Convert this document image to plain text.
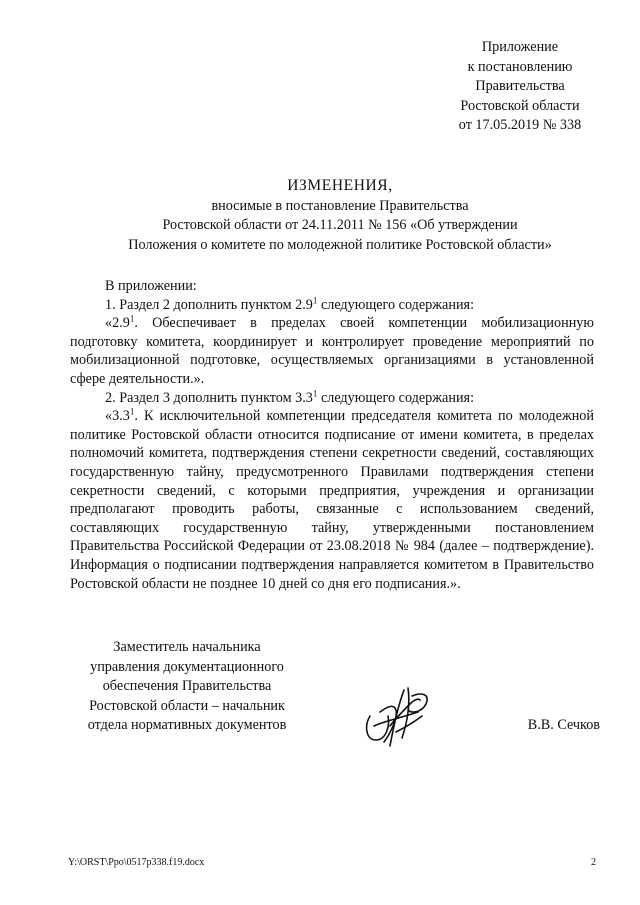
Приложение
к постановлению
Правительства
Ростовской области
от 17.05.2019 № 338
ИЗМЕНЕНИЯ,
вносимые в постановление Правительства
Ростовской области от 24.11.2011 № 156 «Об утверждении
Положения о комитете по молодежной политике Ростовской области»
В приложении:
1. Раздел 2 дополнить пунктом $2.9^1$ следующего содержания:
«$2.9^1$. Обеспечивает в пределах своей компетенции мобилизационную подготовку комитета, координирует и контролирует проведение мероприятий по мобилизационной подготовке, осуществляемых организациями в установленной сфере деятельности.».
2. Раздел 3 дополнить пунктом $3.3^1$ следующего содержания:
«$3.3^1$. К исключительной компетенции председателя комитета по молодежной политике Ростовской области относится подписание от имени комитета, в пределах полномочий комитета, подтверждения степени секретности сведений, составляющих государственную тайну, предусмотренного Правилами подтверждения степени секретности сведений, с которыми предприятия, учреждения и организации предполагают проводить работы, связанные с использованием сведений, составляющих государственную тайну, утвержденными постановлением Правительства Российской Федерации от 23.08.2018 № 984 (далее – подтверждение). Информация о подписании подтверждения направляется комитетом в Правительство Ростовской области не позднее 10 дней со дня его подписания.».
Заместитель начальника
управления документационного
обеспечения Правительства
Ростовской области – начальник
отдела нормативных документов	В.В. Сечков
Y:\ORST\Ppo\0517p338.f19.docx	2
